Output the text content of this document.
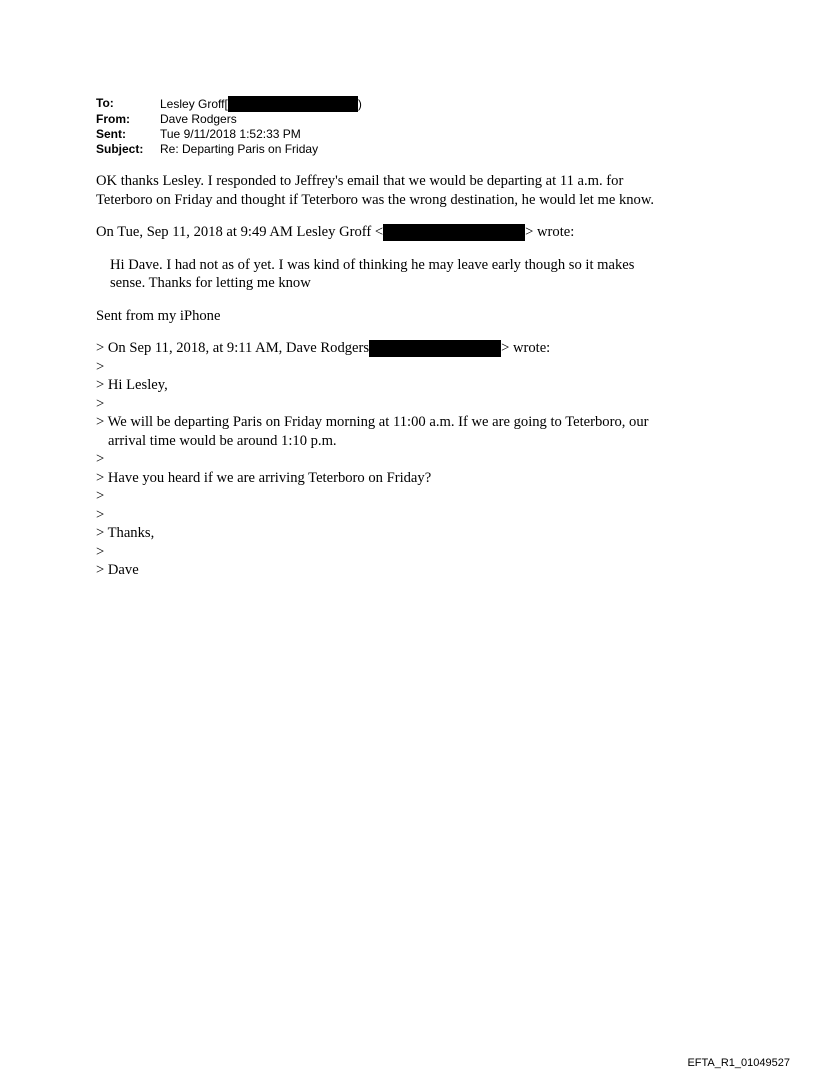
To:	Lesley Groff[	)
From:	Dave Rodgers
Sent:	Tue 9/11/2018 1:52:33 PM
Subject:	Re: Departing Paris on Friday
OK thanks Lesley. I responded to Jeffrey's email that we would be departing at 11 a.m. for
Teterboro on Friday and thought if Teterboro was the wrong destination, he would let me know.
On Tue, Sep 11, 2018 at 9:49 AM Lesley Groff <	> wrote:
Hi Dave. I had not as of yet. I was kind of thinking he may leave early though so it makes
sense. Thanks for letting me know
Sent from my iPhone
> On Sep 11, 2018, at 9:11 AM, Dave Rodgers	> wrote:
>
> Hi Lesley,
>
> We will be departing Paris on Friday morning at 11:00 a.m. If we are going to Teterboro, our
arrival time would be around 1:10 p.m.
>
> Have you heard if we are arriving Teterboro on Friday?
>
>
> Thanks,
>
> Dave
EFTA_R1_01049527
